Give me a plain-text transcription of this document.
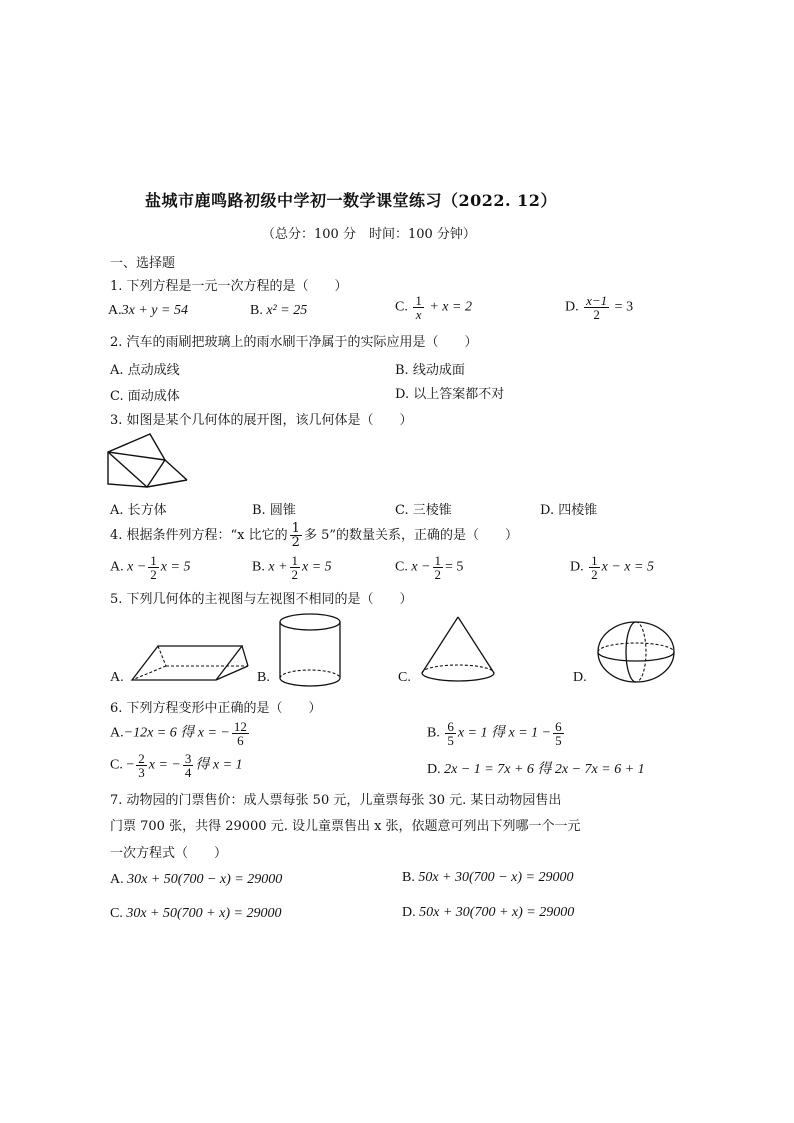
盐城市鹿鸣路初级中学初一数学课堂练习（2022. 12）
（总分：100 分　时间：100 分钟）
一、选择题
1. 下列方程是一元一次方程的是（　　）
A.3x + y = 54	B. x² = 25	C. $\frac{1}{x} + x = 2$	D. $\frac{x-1}{2} = 3$
2. 汽车的雨刷把玻璃上的雨水刷干净属于的实际应用是（　　）
A. 点动成线	B. 线动成面
C. 面动成体	D. 以上答案都不对
3. 如图是某个几何体的展开图，该几何体是（　　）
A. 长方体	B. 圆锥	C. 三棱锥	D. 四棱锥
4. 根据条件列方程：“x 比它的 $\frac{1}{2}$ 多 5”的数量关系，正确的是（　　）
A. $x - \frac{1}{2}$ x = 5	B. $x + \frac{1}{2}$ x = 5	C. $x - \frac{1}{2} = 5$	D. $\frac{1}{2}$ x − x = 5
5. 下列几何体的主视图与左视图不相同的是（　　）
A.	B.	C.	D.
6. 下列方程变形中正确的是（　　）
A.−12x = 6 得 x = − $\frac{12}{6}$	B. $\frac{6}{5}$ x = 1 得 $x = 1 - \frac{6}{5}$
C. − $\frac{2}{3}$ x = − $\frac{3}{4}$ 得 x = 1	D. 2x − 1 = 7x + 6 得 2x − 7x = 6 + 1
7. 动物园的门票售价：成人票每张 50 元，儿童票每张 30 元. 某日动物园售出
门票 700 张，共得 29000 元. 设儿童票售出 x 张，依题意可列出下列哪一个一元
一次方程式（　　）
A. 30x + 50(700 − x) = 29000	B. 50x + 30(700 − x) = 29000
C. 30x + 50(700 + x) = 29000	D. 50x + 30(700 + x) = 29000
